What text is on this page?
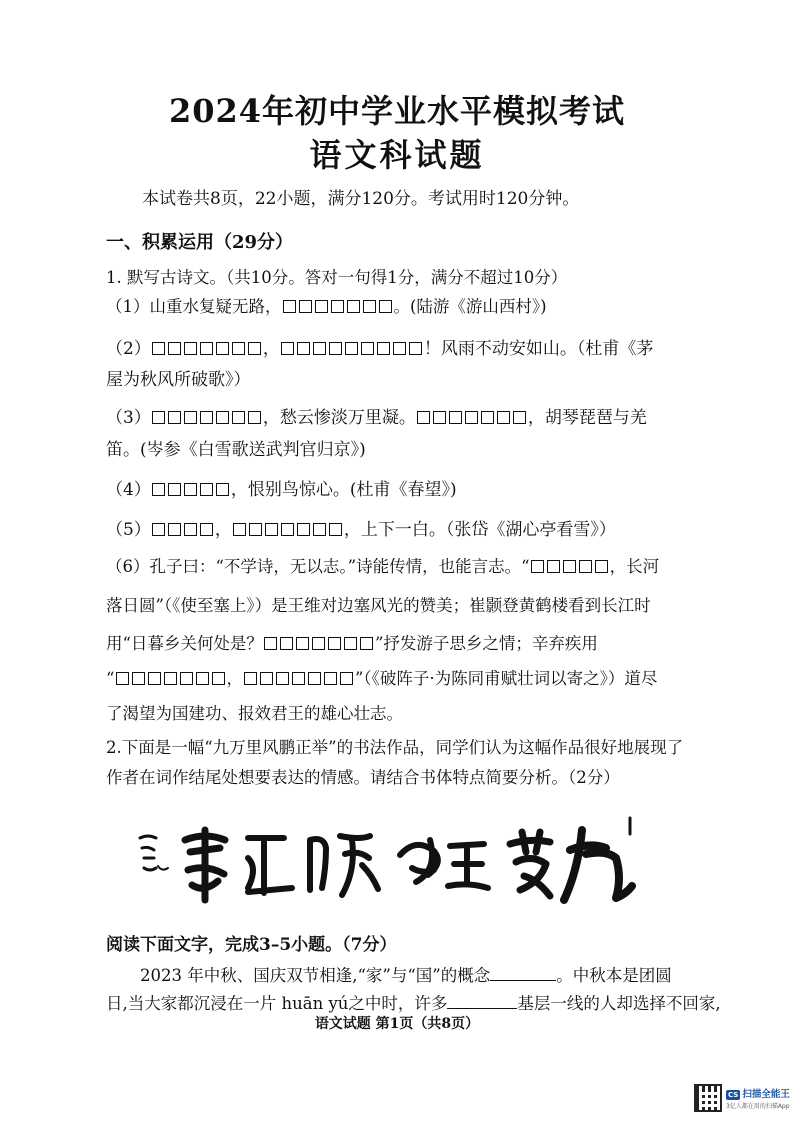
2024年初中学业水平模拟考试
语文科试题
本试卷共8页，22小题，满分120分。考试用时120分钟。
一、积累运用（29分）
1. 默写古诗文。（共10分。答对一句得1分，满分不超过10分）
（1）山重水复疑无路，	。(陆游《游山西村》)
（2）	，	！风雨不动安如山。（杜甫《茅
屋为秋风所破歌》）
（3）	，愁云惨淡万里凝。	，胡琴琵琶与羌
笛。(岑参《白雪歌送武判官归京》)
（4）	，恨别鸟惊心。(杜甫《春望》)
（5）	，	，上下一白。（张岱《湖心亭看雪》）
（6）孔子曰：“不学诗，无以志。”诗能传情，也能言志。“	，长河
落日圆”（《使至塞上》）是王维对边塞风光的赞美；崔颢登黄鹤楼看到长江时
用“日暮乡关何处是？	”抒发游子思乡之情；辛弃疾用
“	，	”（《破阵子·为陈同甫赋壮词以寄之》）道尽
了渴望为国建功、报效君王的雄心壮志。
2.下面是一幅“九万里风鹏正举”的书法作品，同学们认为这幅作品很好地展现了
作者在词作结尾处想要表达的情感。请结合书体特点简要分析。（2分）
阅读下面文字，完成3–5小题。（7分）
2023 年中秋、国庆双节相逢,“家”与“国”的概念	。中秋本是团圆
日,当大家都沉浸在一片 huān yú之中时，许多	基层一线的人却选择不回家,
语文试题 第1页（共8页）
CS 扫描全能王
3亿人都在用的扫描App
